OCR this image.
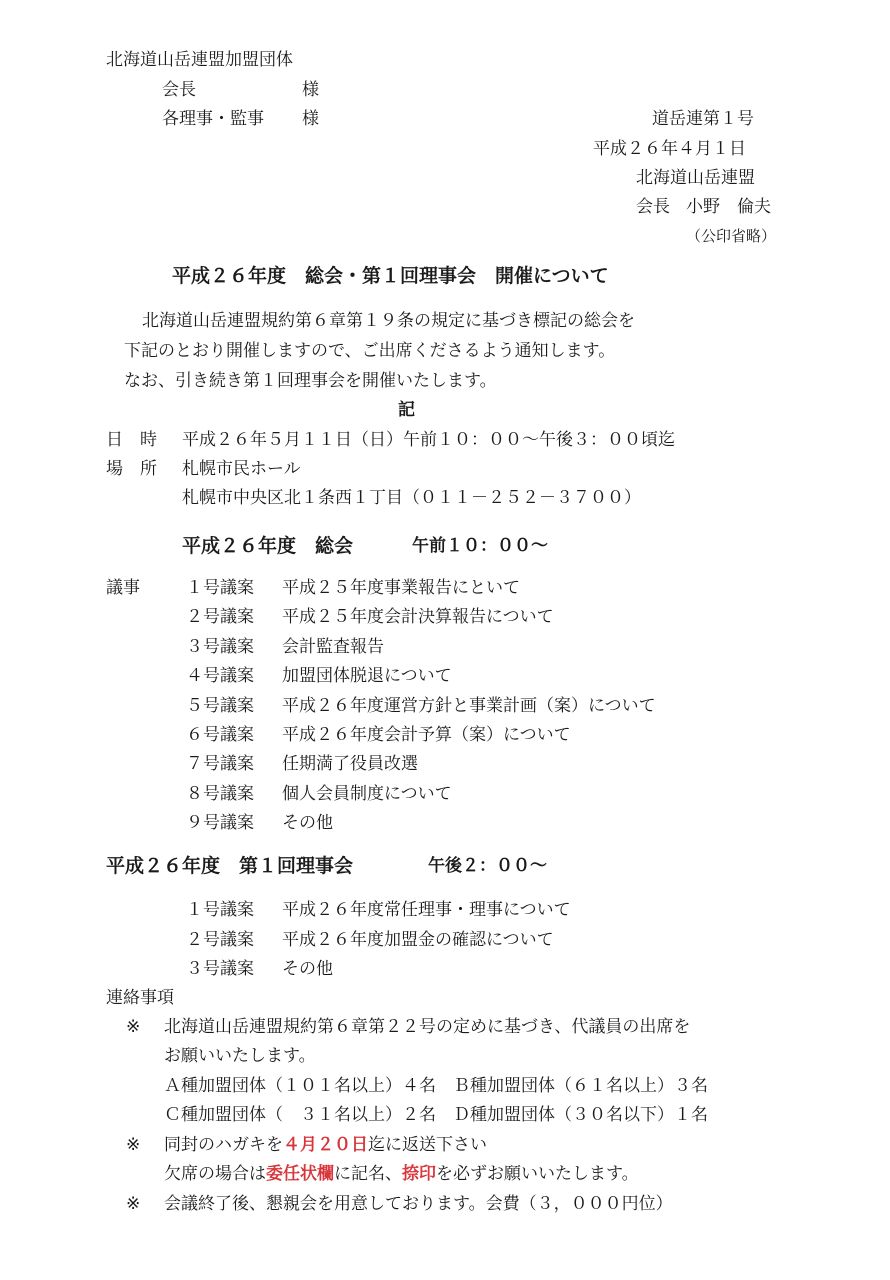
北海道山岳連盟加盟団体
会長	様
各理事・監事 様	道岳連第１号
平成２６年４月１日
北海道山岳連盟
会長 小野　倫夫
（公印省略）
平成２６年度　総会・第１回理事会　開催について
北海道山岳連盟規約第６章第１９条の規定に基づき標記の総会を
下記のとおり開催しますので、ご出席くださるよう通知します。
なお、引き続き第１回理事会を開催いたします。
記
日　時 平成２６年５月１１日（日）午前１０：００～午後３：００頃迄
場　所 札幌市民ホール
札幌市中央区北１条西１丁目（０１１－２５２－３７００）
平成２６年度　総会	午前１０：００～
議事	１号議案 平成２５年度事業報告にといて
２号議案 平成２５年度会計決算報告について
３号議案 会計監査報告
４号議案 加盟団体脱退について
５号議案 平成２６年度運営方針と事業計画（案）について
６号議案 平成２６年度会計予算（案）について
７号議案 任期満了役員改選
８号議案 個人会員制度について
９号議案 その他
平成２６年度　第１回理事会	午後２：００～
１号議案 平成２６年度常任理事・理事について
２号議案 平成２６年度加盟金の確認について
３号議案 その他
連絡事項
※ 北海道山岳連盟規約第６章第２２号の定めに基づき、代議員の出席を
お願いいたします。
Ａ種加盟団体（１０１名以上）４名　Ｂ種加盟団体（６１名以上）３名
Ｃ種加盟団体（　３１名以上）２名　Ｄ種加盟団体（３０名以下）１名
※ 同封のハガキを４月２０日迄に返送下さい
欠席の場合は委任状欄に記名、捺印を必ずお願いいたします。
※ 会議終了後、懇親会を用意しております。会費（３，０００円位）
